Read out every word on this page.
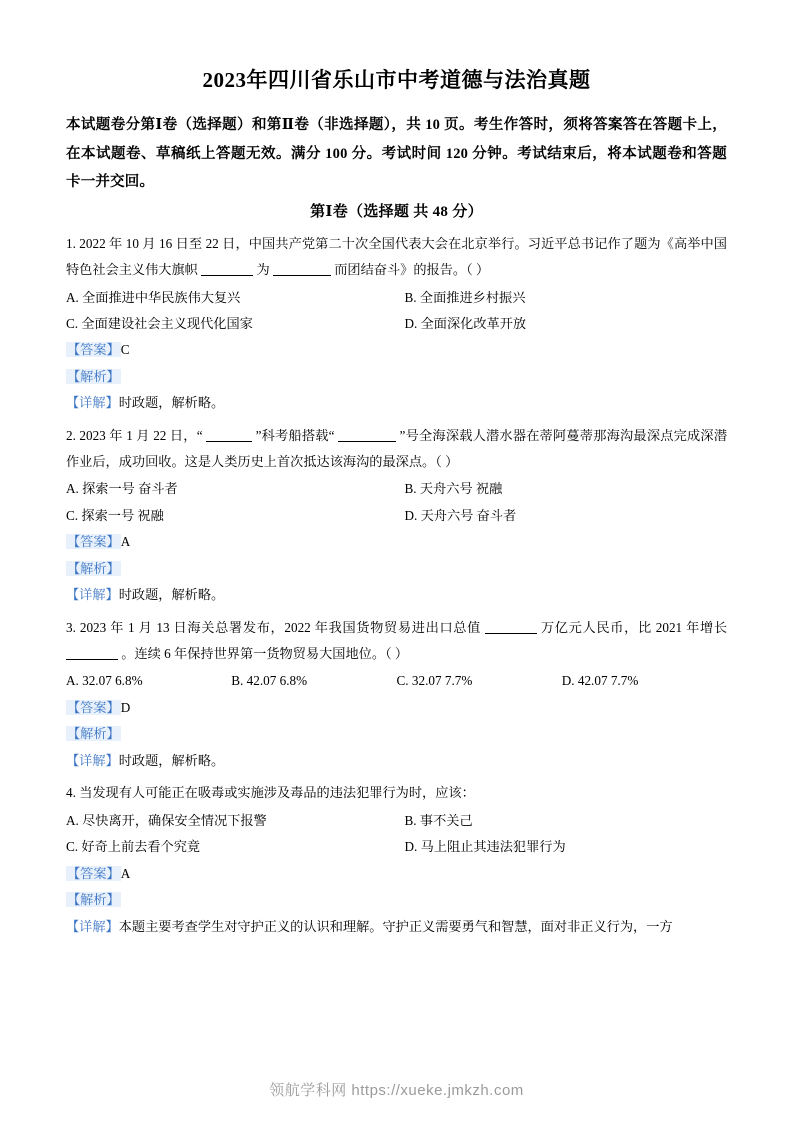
2023年四川省乐山市中考道德与法治真题

本试题卷分第Ⅰ卷（选择题）和第Ⅱ卷（非选择题），共 10 页。考生作答时，须将答案答在答题卡上，在本试题卷、草稿纸上答题无效。满分 100 分。考试时间 120 分钟。考试结束后，将本试题卷和答题卡一并交回。

第Ⅰ卷（选择题 共 48 分）

1. 2022 年 10 月 16 日至 22 日，中国共产党第二十次全国代表大会在北京举行。习近平总书记作了题为《高举中国特色社会主义伟大旗帜	为	而团结奋斗》的报告。（ ）

A. 全面推进中华民族伟大复兴	B. 全面推进乡村振兴
C. 全面建设社会主义现代化国家	D. 全面深化改革开放

【答案】C

【解析】

【详解】时政题，解析略。

2. 2023 年 1 月 22 日，“	”科考船搭载“	”号全海深载人潜水器在蒂阿蔓蒂那海沟最深点完成深潜作业后，成功回收。这是人类历史上首次抵达该海沟的最深点。（ ）

A. 探索一号 奋斗者	B. 天舟六号 祝融
C. 探索一号 祝融	D. 天舟六号 奋斗者

【答案】A

【解析】

【详解】时政题，解析略。

3. 2023 年 1 月 13 日海关总署发布，2022 年我国货物贸易进出口总值	万亿元人民币，比 2021 年增长  。连续 6 年保持世界第一货物贸易大国地位。（ ）

A. 32.07 6.8%	B. 42.07 6.8%	C. 32.07 7.7%	D. 42.07 7.7%

【答案】D

【解析】

【详解】时政题，解析略。

4. 当发现有人可能正在吸毒或实施涉及毒品的违法犯罪行为时，应该：

A. 尽快离开，确保安全情况下报警	B. 事不关己
C. 好奇上前去看个究竟	D. 马上阻止其违法犯罪行为

【答案】A

【解析】

【详解】本题主要考查学生对守护正义的认识和理解。守护正义需要勇气和智慧，面对非正义行为，一方

领航学科网 https://xueke.jmkzh.com
